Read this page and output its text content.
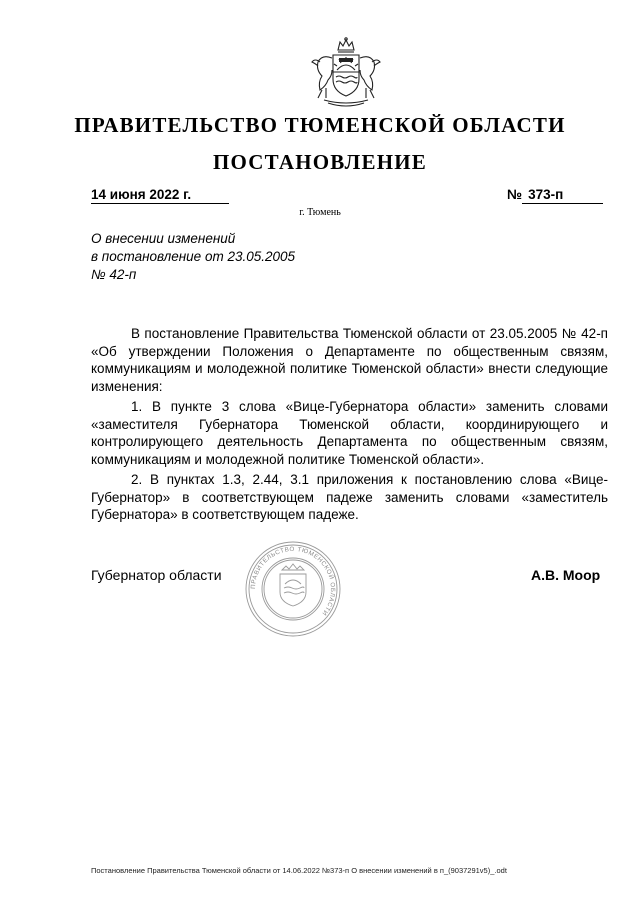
ПРАВИТЕЛЬСТВО ТЮМЕНСКОЙ ОБЛАСТИ
ПОСТАНОВЛЕНИЕ
14 июня 2022 г.	№ 373-п
г. Тюмень
О внесении изменений
в постановление от 23.05.2005
№ 42-п

В постановление Правительства Тюменской области от 23.05.2005 № 42-п «Об утверждении Положения о Департаменте по общественным связям, коммуникациям и молодежной политике Тюменской области» внести следующие изменения:

1. В пункте 3 слова «Вице-Губернатора области» заменить словами «заместителя Губернатора Тюменской области, координирующего и контролирующего деятельность Департамента по общественным связям, коммуникациям и молодежной политике Тюменской области».

2. В пунктах 1.3, 2.44, 3.1 приложения к постановлению слова «Вице-Губернатор» в соответствующем падеже заменить словами «заместитель Губернатора» в соответствующем падеже.

ПРАВИТЕЛЬСТВО ТЮМЕНСКОЙ ОБЛАСТИ
Губернатор области	А.В. Моор
Постановление Правительства Тюменской области от 14.06.2022 №373-п О внесении изменений в п_(9037291v5)_.odt
